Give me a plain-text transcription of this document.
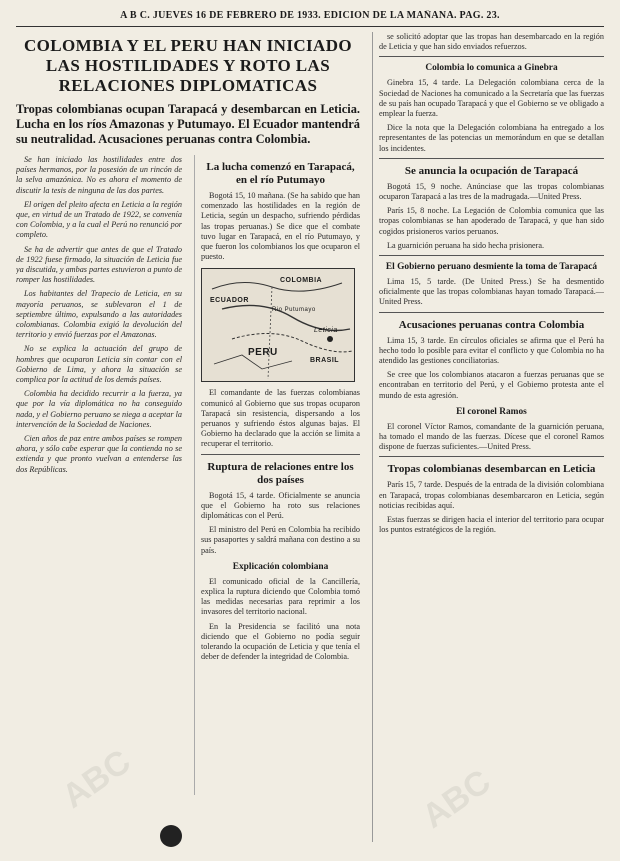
A B C. JUEVES 16 DE FEBRERO DE 1933. EDICION DE LA MAÑANA. PAG. 23.
COLOMBIA Y EL PERU HAN INICIADO LAS HOSTILIDADES Y ROTO LAS RELACIONES DIPLOMATICAS
Tropas colombianas ocupan Tarapacá y desembarcan en Leticia. Lucha en los ríos Amazonas y Putumayo. El Ecuador mantendrá su neutralidad. Acusaciones peruanas contra Colombia.

Se han iniciado las hostilidades entre dos países hermanos, por la posesión de un rincón de la selva amazónica. No es ahora el momento de discutir la tesis de ninguna de las dos partes.

El origen del pleito afecta en Leticia a la región que, en virtud de un Tratado de 1922, se convenía con Colombia, y a la cual el Perú no renunció por completo.

Se ha de advertir que antes de que el Tratado de 1922 fuese firmado, la situación de Leticia fue ya discutida, y ambas partes estuvieron a punto de romper las hostilidades.

Los habitantes del Trapecio de Leticia, en su mayoría peruanos, se sublevaron el 1 de septiembre último, expulsando a las autoridades colombianas. Colombia exigió la devolución del territorio y envió fuerzas por el Amazonas.

No se explica la actuación del grupo de hombres que ocuparon Leticia sin contar con el Gobierno de Lima, y ahora la situación se complica por la actitud de los demás países.

Colombia ha decidido recurrir a la fuerza, ya que por la vía diplomática no ha conseguido nada, y el Gobierno peruano se niega a aceptar la intervención de la Sociedad de Naciones.

Cien años de paz entre ambos países se rompen ahora, y sólo cabe esperar que la contienda no se extienda y que pronto vuelvan a entenderse las dos Repúblicas.

La lucha comenzó en Tarapacá, en el río Putumayo

Bogotá 15, 10 mañana. (Se ha sabido que han comenzado las hostilidades en la región de Leticia, según un despacho, sufriendo pérdidas las tropas peruanas.) Se dice que el combate tuvo lugar en Tarapacá, en el río Putumayo, y que fueron los colombianos los que ocuparon el puesto.

COLOMBIA
ECUADOR
PERU
BRASIL
Leticia
Rio Putumayo

El comandante de las fuerzas colombianas comunicó al Gobierno que sus tropas ocuparon Tarapacá sin resistencia, dispersando a los peruanos y sufriendo éstos algunas bajas. El Gobierno ha declarado que la acción se limita a recuperar el territorio.

Ruptura de relaciones entre los dos países

Bogotá 15, 4 tarde. Oficialmente se anuncia que el Gobierno ha roto sus relaciones diplomáticas con el Perú.

El ministro del Perú en Colombia ha recibido sus pasaportes y saldrá mañana con destino a su país.

Explicación colombiana

El comunicado oficial de la Cancillería, explica la ruptura diciendo que Colombia tomó las medidas necesarias para reprimir a los invasores del territorio nacional.

En la Presidencia se facilitó una nota diciendo que el Gobierno no podía seguir tolerando la ocupación de Leticia y que tenía el deber de defender la integridad de Colombia.

se solicitó adoptar que las tropas han desembarcado en la región de Leticia y que han sido enviados refuerzos.

Colombia lo comunica a Ginebra

Ginebra 15, 4 tarde. La Delegación colombiana cerca de la Sociedad de Naciones ha comunicado a la Secretaría que las fuerzas de su país han ocupado Tarapacá y que el Gobierno se ve obligado a emplear la fuerza.

Dice la nota que la Delegación colombiana ha entregado a los representantes de las potencias un memorándum en que se detallan los incidentes.

Se anuncia la ocupación de Tarapacá

Bogotá 15, 9 noche. Anúnciase que las tropas colombianas ocuparon Tarapacá a las tres de la madrugada.—United Press.

París 15, 8 noche. La Legación de Colombia comunica que las tropas colombianas se han apoderado de Tarapacá, y que han sido cogidos prisioneros varios peruanos.

La guarnición peruana ha sido hecha prisionera.

El Gobierno peruano desmiente la toma de Tarapacá

Lima 15, 5 tarde. (De United Press.) Se ha desmentido oficialmente que las tropas colombianas hayan tomado Tarapacá.—United Press.

Acusaciones peruanas contra Colombia

Lima 15, 3 tarde. En círculos oficiales se afirma que el Perú ha hecho todo lo posible para evitar el conflicto y que Colombia no ha atendido las gestiones conciliatorias.

Se cree que los colombianos atacaron a fuerzas peruanas que se encontraban en territorio del Perú, y el Gobierno protesta ante el mundo de esta agresión.

El coronel Ramos

El coronel Víctor Ramos, comandante de la guarnición peruana, ha tomado el mando de las fuerzas. Dícese que el coronel Ramos dispone de fuerzas suficientes.—United Press.

Tropas colombianas desembarcan en Leticia

París 15, 7 tarde. Después de la entrada de la división colombiana en Tarapacá, tropas colombianas desembarcaron en Leticia, según noticias recibidas aquí.

Estas fuerzas se dirigen hacia el interior del territorio para ocupar los puntos estratégicos de la región.

ABC	ABC
